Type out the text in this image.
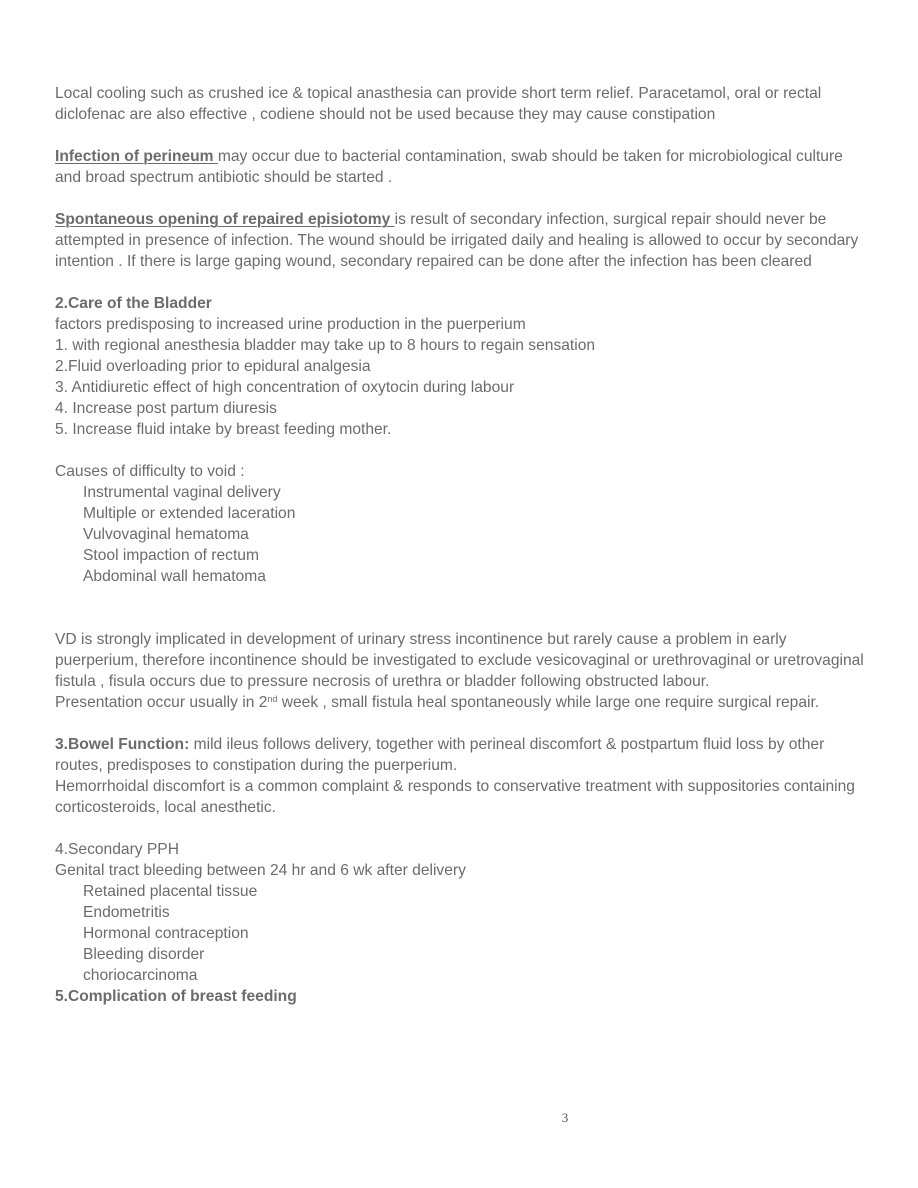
Local cooling such as crushed ice & topical anasthesia can provide short term relief. Paracetamol, oral or rectal diclofenac are also effective , codiene should not be used because they may cause constipation

Infection of perineum may occur due to bacterial contamination, swab should be taken for microbiological culture and broad spectrum antibiotic should be started .

Spontaneous opening of repaired episiotomy is result of secondary infection, surgical repair should never be attempted in presence of infection. The wound should be irrigated daily and healing is allowed to occur by secondary intention . If there is large gaping wound, secondary repaired can be done after the infection has been cleared

2.Care of the Bladder

factors predisposing to increased urine production in the puerperium

1. with regional anesthesia bladder may take up to 8 hours to regain sensation

2.Fluid overloading prior to epidural analgesia

3. Antidiuretic effect of high concentration of oxytocin during labour

4. Increase post partum diuresis

5. Increase fluid intake by breast feeding mother.

Causes of difficulty to void :

Instrumental vaginal delivery

Multiple or extended laceration

Vulvovaginal hematoma

Stool impaction of rectum

Abdominal wall hematoma

VD is strongly implicated in development of urinary stress incontinence but rarely cause a problem in early puerperium, therefore incontinence should be investigated to exclude vesicovaginal or urethrovaginal or uretrovaginal fistula , fisula occurs due to pressure necrosis of urethra or bladder following obstructed labour.

Presentation occur usually in 2nd week , small fistula heal spontaneously while large one require surgical repair.

3.Bowel Function: mild ileus follows delivery, together with perineal discomfort & postpartum fluid loss by other routes, predisposes to constipation during the puerperium.

Hemorrhoidal discomfort is a common complaint & responds to conservative treatment with suppositories containing corticosteroids, local anesthetic.

4.Secondary PPH

Genital tract bleeding between 24 hr and 6 wk after delivery

Retained placental tissue

Endometritis

Hormonal contraception

Bleeding disorder

choriocarcinoma

5.Complication of breast feeding

3
